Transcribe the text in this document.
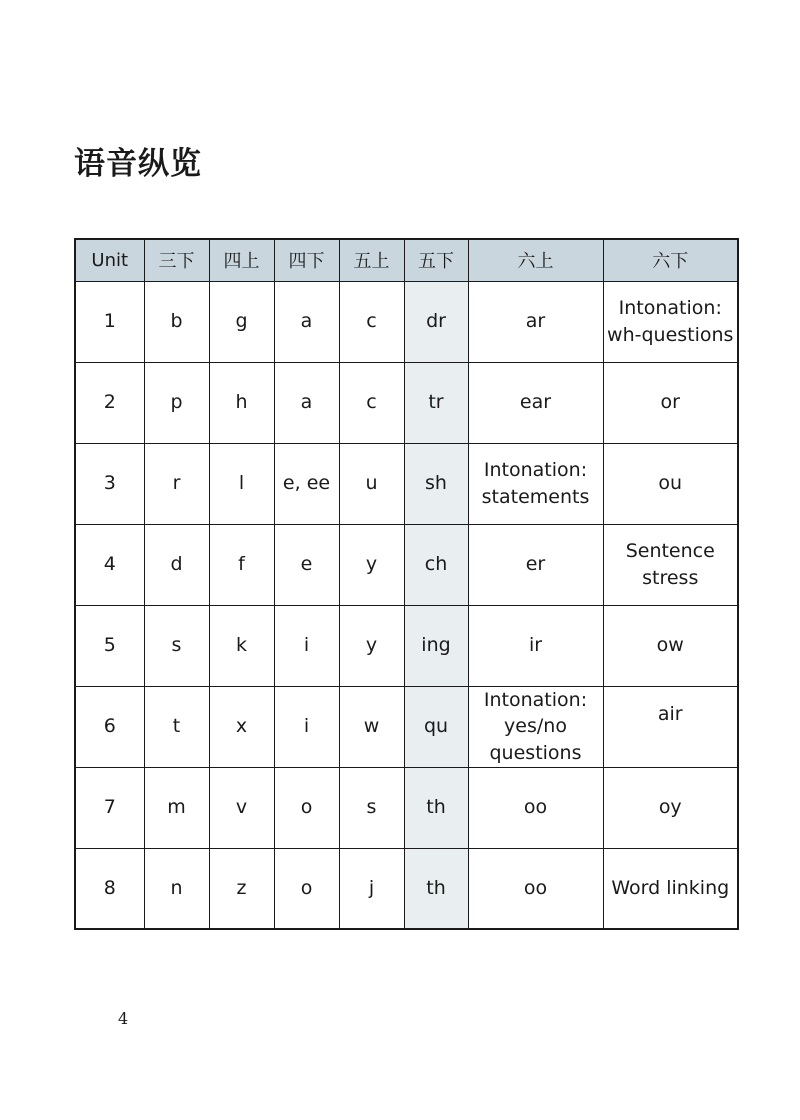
语音纵览
Unit	三下	四上	四下	五上	五下	六上	六下
1	b	g	a	c	dr	ar	Intonation: wh-questions
2	p	h	a	c	tr	ear	or
3	r	l	e, ee	u	sh	Intonation: statements	ou
4	d	f	e	y	ch	er	Sentence stress
5	s	k	i	y	ing	ir	ow
6	t	x	i	w	qu	Intonation: yes/no questions	air
7	m	v	o	s	th	oo	oy
8	n	z	o	j	th	oo	Word linking
4
